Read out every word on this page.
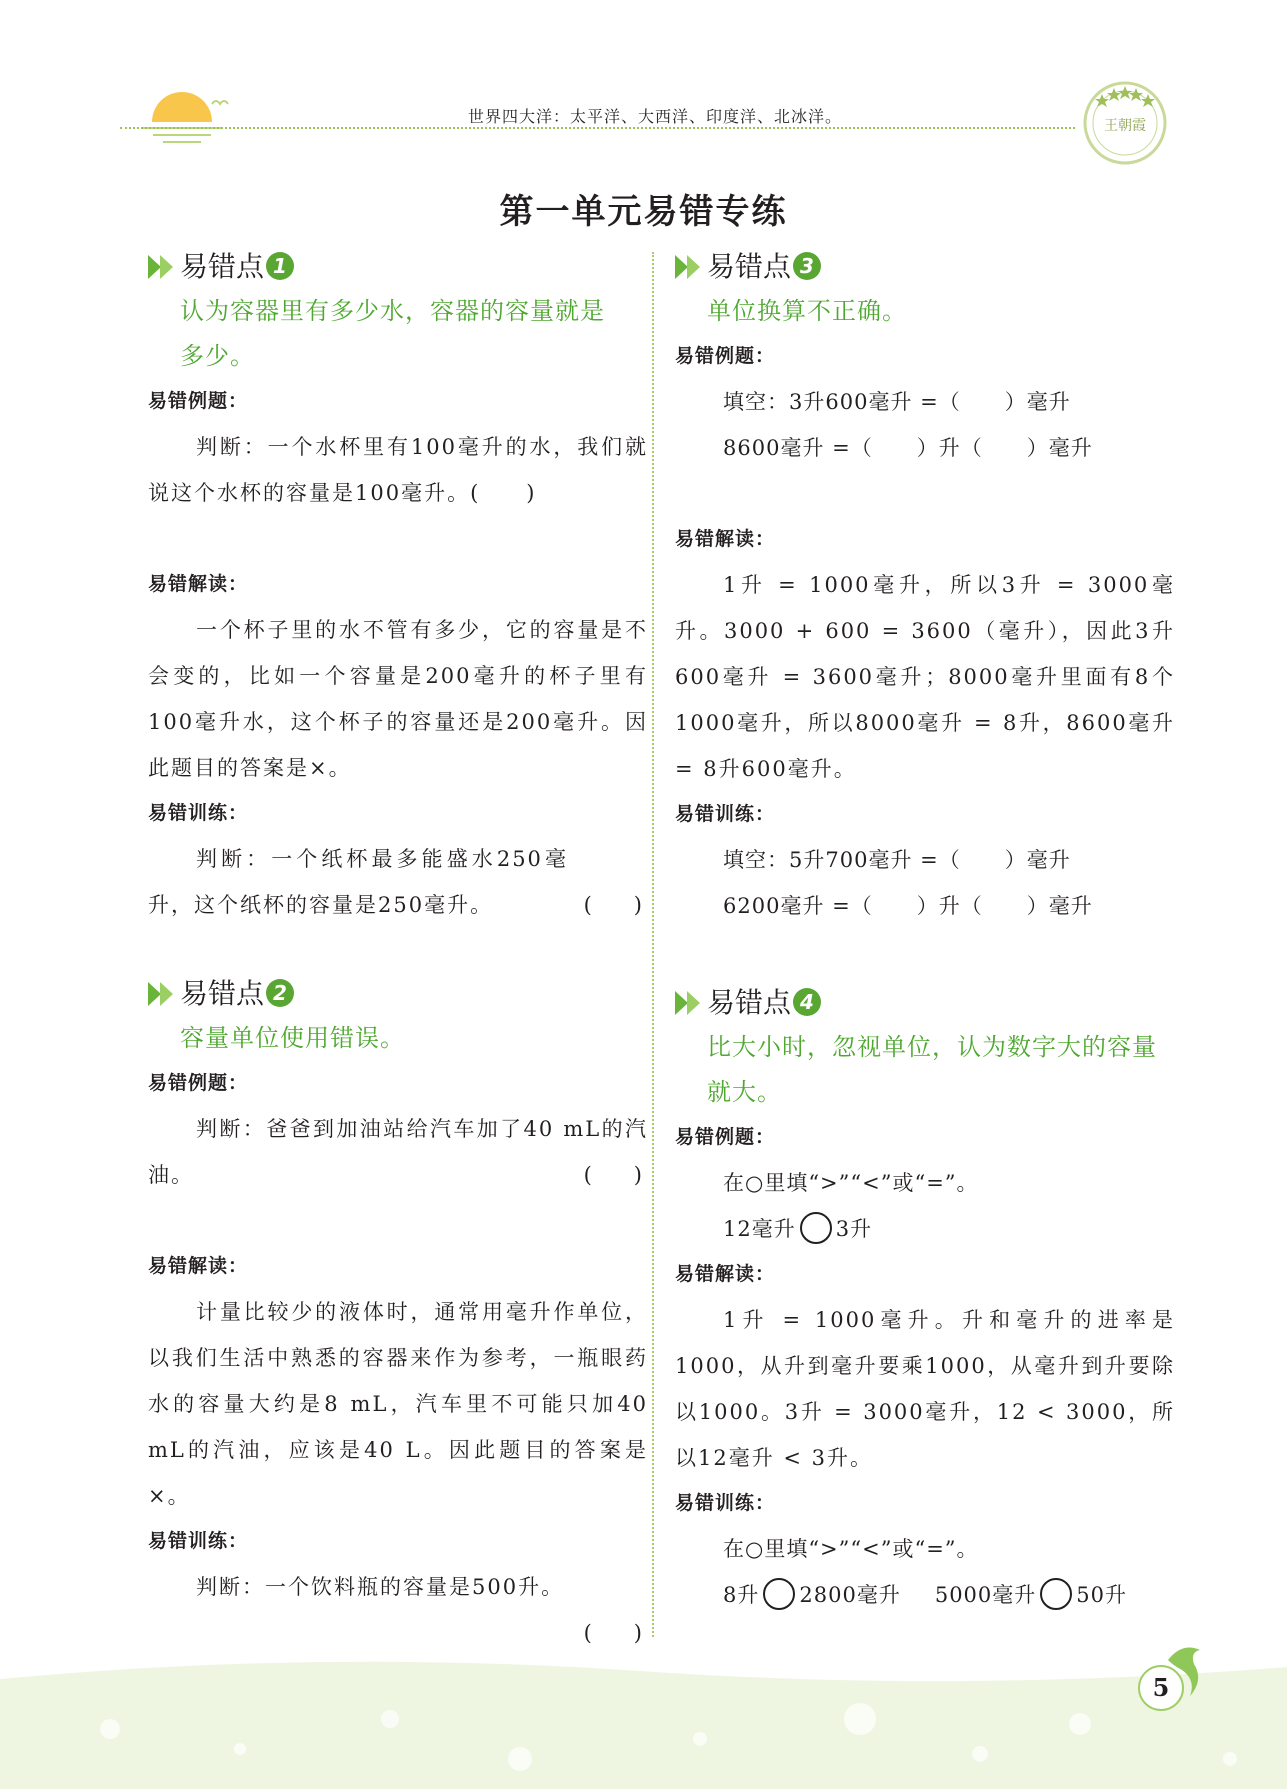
世界四大洋：太平洋、大西洋、印度洋、北冰洋。	王朝霞
第一单元易错专练
易错点 1
认为容器里有多少水，容器的容量就是
多少。
易错例题：
判断：一个水杯里有100毫升的水，我们就说这个水杯的容量是100毫升。(　　)
易错解读：
一个杯子里的水不管有多少，它的容量是不会变的，比如一个容量是200毫升的杯子里有100毫升水，这个杯子的容量还是200毫升。因此题目的答案是×。
易错训练：
判断：一个纸杯最多能盛水250毫升，这个纸杯的容量是250毫升。	(　　)
易错点 2
容量单位使用错误。
易错例题：
判断：爸爸到加油站给汽车加了40 mL的汽油。	(　　)
易错解读：
计量比较少的液体时，通常用毫升作单位，以我们生活中熟悉的容器来作为参考，一瓶眼药水的容量大约是8 mL，汽车里不可能只加40 mL的汽油，应该是40 L。因此题目的答案是×。
易错训练：
判断：一个饮料瓶的容量是500升。
(　　)
易错点 3
单位换算不正确。
易错例题：
填空：3升600毫升 =（　　）毫升
8600毫升 =（　　）升（　　）毫升
易错解读：
1升 = 1000毫升，所以3升 = 3000毫升。3000 + 600 = 3600（毫升），因此3升600毫升 = 3600毫升；8000毫升里面有8个1000毫升，所以8000毫升 = 8升，8600毫升 = 8升600毫升。
易错训练：
填空：5升700毫升 =（　　）毫升
6200毫升 =（　　）升（　　）毫升
易错点 4
比大小时，忽视单位，认为数字大的容量
就大。
易错例题：
在○里填“>”“<”或“=”。
12毫升 3升
易错解读：
1升 = 1000毫升。升和毫升的进率是1000，从升到毫升要乘1000，从毫升到升要除以1000。3升 = 3000毫升，12 < 3000，所以12毫升 < 3升。
易错训练：
在○里填“>”“<”或“=”。
8升 2800毫升 5000毫升 50升
5
